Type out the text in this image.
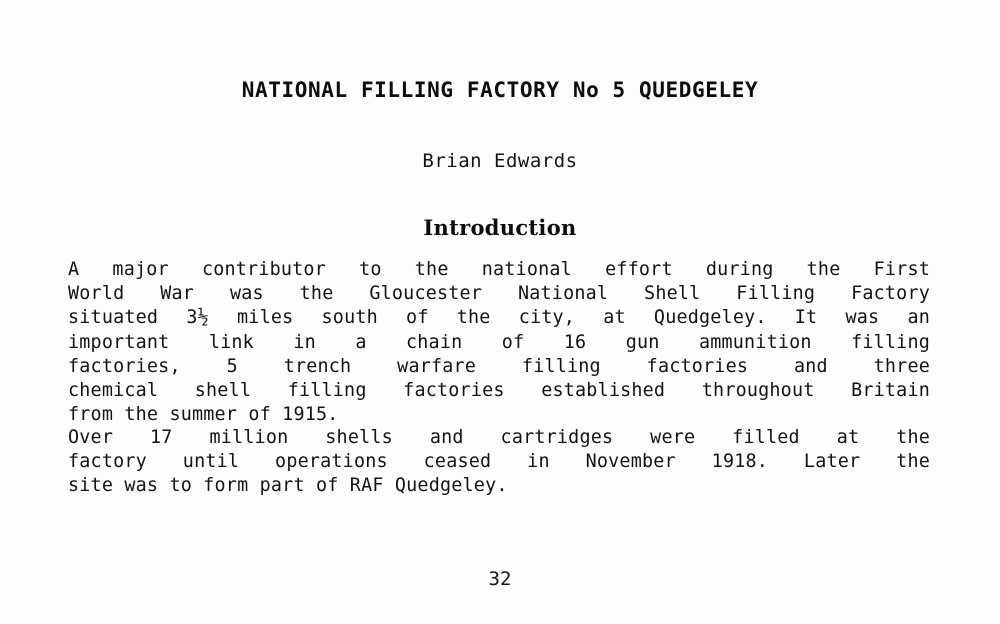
NATIONAL FILLING FACTORY No 5 QUEDGELEY
Brian Edwards
Introduction
A major contributor to the national effort during the First
World War was the Gloucester National Shell Filling Factory
situated 3½ miles south of the city, at Quedgeley. It was an
important link in a chain of 16 gun ammunition filling
factories, 5 trench warfare filling factories and three
chemical shell filling factories established throughout Britain
from the summer of 1915.
Over 17 million shells and cartridges were filled at the
factory until operations ceased in November 1918. Later the
site was to form part of RAF Quedgeley.
32
